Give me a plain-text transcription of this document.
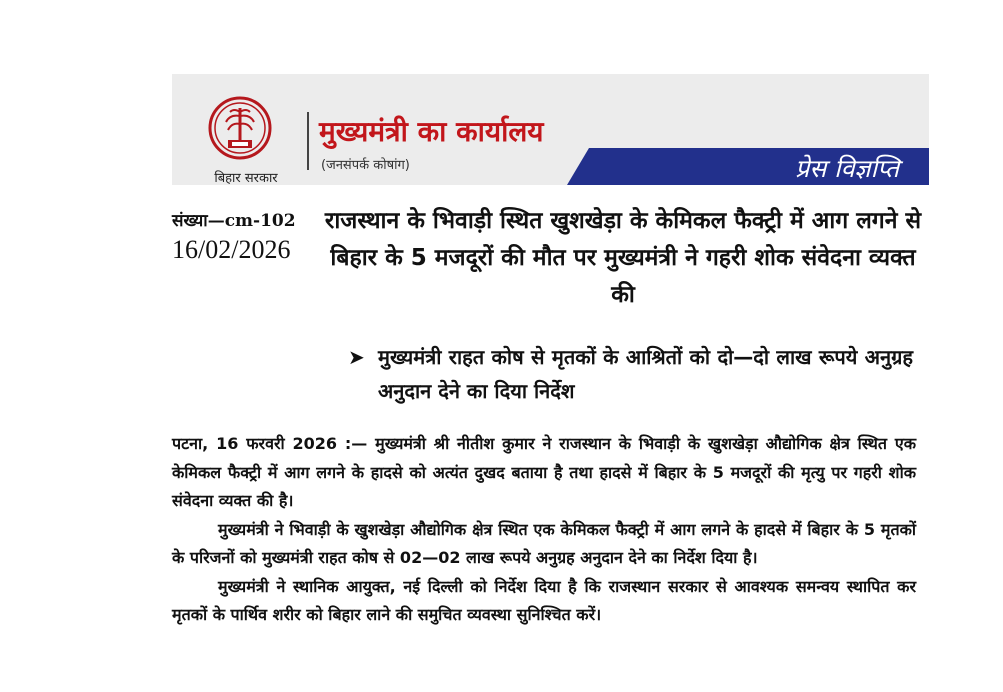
बिहार सरकार
मुख्यमंत्री का कार्यालय
(जनसंपर्क कोषांग)	प्रेस विज्ञप्ति
संख्या—cm-102
16/02/2026
राजस्थान के भिवाड़ी स्थित खुशखेड़ा के केमिकल फैक्ट्री में आग लगने से बिहार के 5 मजदूरों की मौत पर मुख्यमंत्री ने गहरी शोक संवेदना व्यक्त की
➤ मुख्यमंत्री राहत कोष से मृतकों के आश्रितों को दो—दो लाख रूपये अनुग्रह अनुदान देने का दिया निर्देश

पटना, 16 फरवरी 2026 :— मुख्यमंत्री श्री नीतीश कुमार ने राजस्थान के भिवाड़ी के खुशखेड़ा औद्योगिक क्षेत्र स्थित एक केमिकल फैक्ट्री में आग लगने के हादसे को अत्यंत दुखद बताया है तथा हादसे में बिहार के 5 मजदूरों की मृत्यु पर गहरी शोक संवेदना व्यक्त की है।

मुख्यमंत्री ने भिवाड़ी के खुशखेड़ा औद्योगिक क्षेत्र स्थित एक केमिकल फैक्ट्री में आग लगने के हादसे में बिहार के 5 मृतकों के परिजनों को मुख्यमंत्री राहत कोष से 02—02 लाख रूपये अनुग्रह अनुदान देने का निर्देश दिया है।

मुख्यमंत्री ने स्थानिक आयुक्त, नई दिल्ली को निर्देश दिया है कि राजस्थान सरकार से आवश्यक समन्वय स्थापित कर मृतकों के पार्थिव शरीर को बिहार लाने की समुचित व्यवस्था सुनिश्चित करें।
